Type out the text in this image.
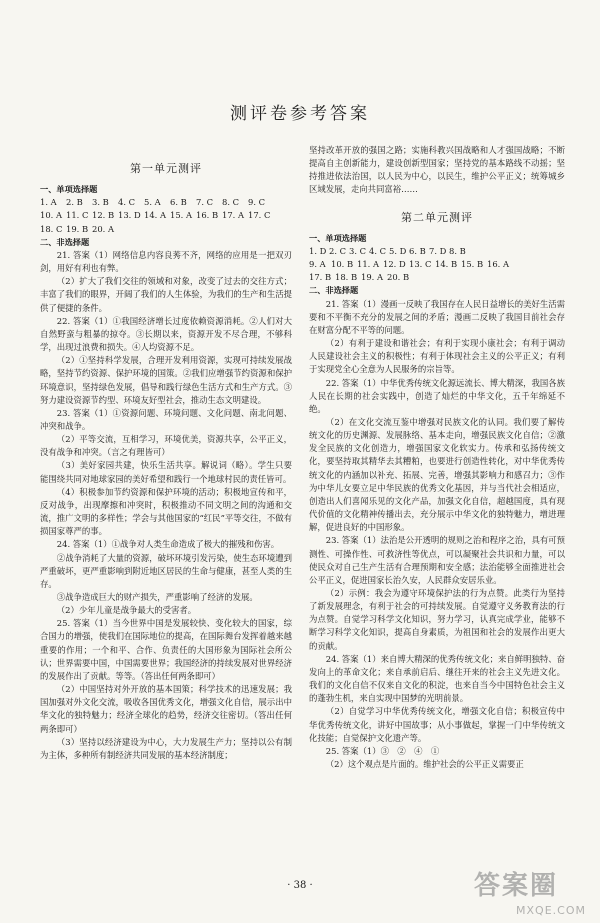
测评卷参考答案
第一单元测评
一、单项选择题
1. A 2. B 3. B 4. C 5. A 6. B 7. C 8. C 9. C
10. A 11. C 12. B 13. D 14. A 15. A 16. B 17. A 17. C
18. C 19. B 20. A
二、非选择题

21. 答案（1）网络信息内容良莠不齐，网络的应用是一把双刃剑，用好有利也有弊。

（2）扩大了我们交往的领域和对象，改变了过去的交往方式；丰富了我们的眼界，开阔了我们的人生体验，为我们的生产和生活提供了便捷的条件。

22. 答案（1）①我国经济增长过度依赖资源消耗。②人们对大自然野蛮与粗暴的掠夺。③长期以来，资源开发不尽合理，不够科学，出现过浪费和损失。④人均资源不足。

（2）①坚持科学发展，合理开发利用资源，实现可持续发展战略，坚持节约资源、保护环境的国策。②我们应增强节约资源和保护环境意识，坚持绿色发展，倡导和践行绿色生活方式和生产方式。③努力建设资源节约型、环境友好型社会，推动生态文明建设。

23. 答案（1）①资源问题、环境问题、文化问题、南北问题、冲突和战争。

（2）平等交流，互相学习，环境优美，资源共享，公平正义，没有战争和冲突。（言之有理皆可）

（3）美好家园共建，快乐生活共享。解说词（略）。学生只要能围绕共同对地球家园的美好希望和践行一个地球村民的责任皆可。

（4）积极参加节约资源和保护环境的活动；积极地宣传和平，反对战争，出现摩擦和冲突时，积极推动不同文明之间的沟通和交流，推广文明的多样性；学会与其他国家的“红民”平等交往，不做有损国家尊严的事。

24. 答案（1）①战争对人类生命造成了极大的摧残和伤害。

②战争消耗了大量的资源，破坏环境引发污染，使生态环境遭到严重破坏，更严重影响到附近地区居民的生命与健康，甚至人类的生存。

③战争造成巨大的财产损失，严重影响了经济的发展。

（2）少年儿童是战争最大的受害者。

25. 答案（1）当今世界中国是发展较快、变化较大的国家，综合国力的增强，使我们在国际地位的提高，在国际舞台发挥着越来越重要的作用；一个和平、合作、负责任的大国形象为国际社会所公认；世界需要中国，中国需要世界；我国经济的持续发展对世界经济的发展作出了贡献。等等。（答出任何两条即可）

（2）中国坚持对外开放的基本国策；科学技术的迅速发展；我国加强对外文化交流，吸收各国优秀文化，增强文化自信，展示出中华文化的独特魅力；经济全球化的趋势，经济交往密切。（答出任何两条即可）

（3）坚持以经济建设为中心，大力发展生产力；坚持以公有制为主体，多种所有制经济共同发展的基本经济制度；

坚持改革开放的强国之路；实施科教兴国战略和人才强国战略；不断提高自主创新能力，建设创新型国家；坚持党的基本路线不动摇；坚持推进依法治国，以人民为中心，以民生，维护公平正义；统筹城乡区域发展，走向共同富裕……

第二单元测评
一、单项选择题
1. D 2. C 3. C 4. C 5. D 6. B 7. D 8. B
9. A 10. B 11. A 12. D 13. C 14. B 15. B 16. A
17. B 18. B 19. A 20. B
二、非选择题

21. 答案（1）漫画一反映了我国存在人民日益增长的美好生活需要和不平衡不充分的发展之间的矛盾；漫画二反映了我国目前社会存在财富分配不平等的问题。

（2）有利于建设和谐社会；有利于实现小康社会；有利于调动人民建设社会主义的积极性；有利于体现社会主义的公平正义；有利于实现党全心全意为人民服务的宗旨等。

22. 答案（1）中华优秀传统文化源远流长、博大精深，我国各族人民在长期的社会实践中，创造了灿烂的中华文化，五千年绵延不绝。

（2）在文化交流互鉴中增强对民族文化的认同。我们要了解传统文化的历史渊源、发展脉络、基本走向，增强民族文化自信；②激发全民族的文化创造力，增强国家文化软实力。传承和弘扬传统文化，要坚持取其精华去其糟粕，也要进行创造性转化，对中华优秀传统文化的内涵加以补充、拓展、完善，增强其影响力和感召力；③作为中华儿女要立足中华民族的优秀文化基因，并与当代社会相适应，创造出人们喜闻乐见的文化产品，加强文化自信，超越国度，具有现代价值的文化精神传播出去，充分展示中华文化的独特魅力，增进理解，促进良好的中国形象。

23. 答案（1）法治是公开透明的规则之治和程序之治，具有可预测性、可操作性、可救济性等优点，可以凝聚社会共识和力量，可以使民众对自己生产生活有合理预期和安全感；法治能够全面推进社会公平正义，促进国家长治久安，人民群众安居乐业。

（2）示例：我会为遵守环境保护法的行为点赞。此类行为坚持了新发展理念，有利于社会的可持续发展。自觉遵守义务教育法的行为点赞。自觉学习科学文化知识，努力学习，认真完成学业，能够不断学习科学文化知识，提高自身素质，为祖国和社会的发展作出更大的贡献。

24. 答案（1）来自博大精深的优秀传统文化；来自鲜明独特、奋发向上的革命文化；来自承前启后、继往开来的社会主义先进文化。我们的文化自信不仅来自文化的积淀，也来自当今中国特色社会主义的蓬勃生机，来自实现中国梦的光明前景。

（2）自觉学习中华优秀传统文化，增强文化自信；积极宣传中华优秀传统文化，讲好中国故事；从小事做起，掌握一门中华传统文化技能；自觉保护文化遗产等。

25. 答案（1）③　②　④　①

（2）这个观点是片面的。维护社会的公平正义需要正

· 38 ·	答案圈
MXQE.COM
